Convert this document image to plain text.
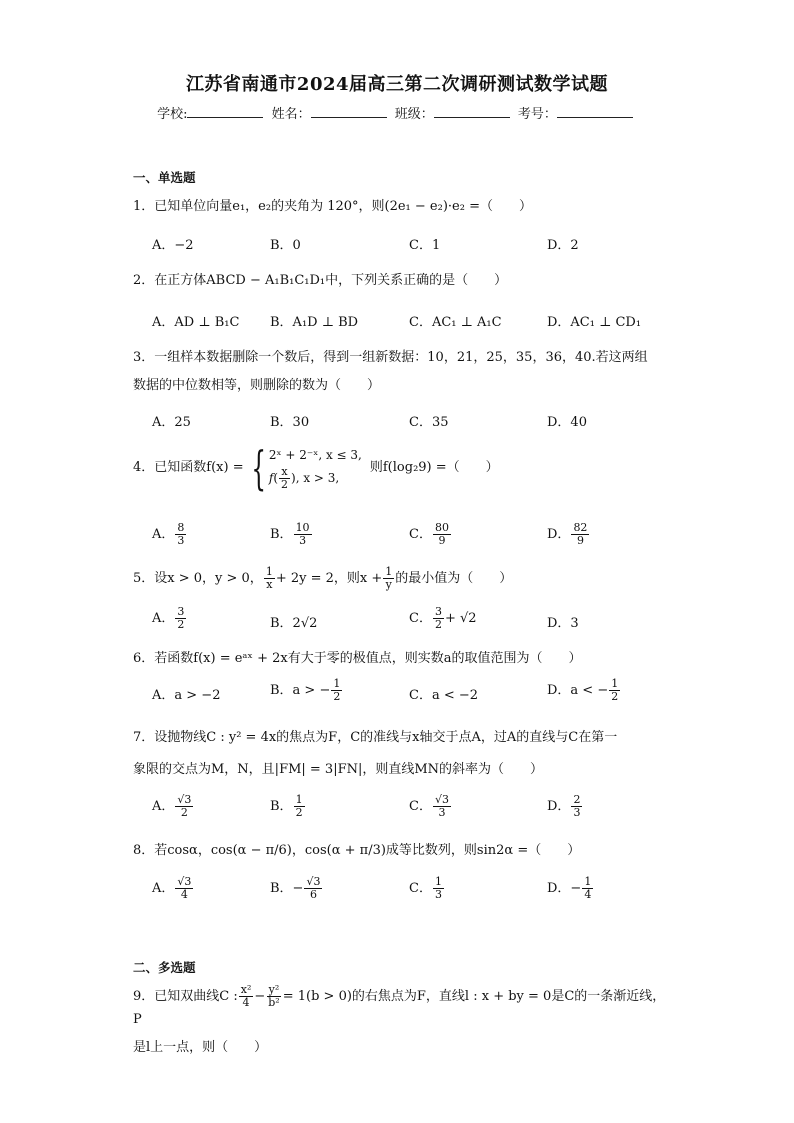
江苏省南通市2024届高三第二次调研测试数学试题
学校:	姓名：	班级：	考号：
一、单选题
1．已知单位向量e₁，e₂的夹角为 120°，则(2e₁ − e₂)·e₂ =（　　）
A．−2	B．0	C．1	D．2
2．在正方体ABCD − A₁B₁C₁D₁中，下列关系正确的是（　　）
A．AD ⊥ B₁C B．A₁D ⊥ BD	C．AC₁ ⊥ A₁C	D．AC₁ ⊥ CD₁
3．一组样本数据删除一个数后，得到一组新数据：10，21，25，35，36，40.若这两组
数据的中位数相等，则删除的数为（　　）
A．25	B．30	C．35	D．40
4．已知函数f(x) = { 2ˣ + 2⁻ˣ, x ≤ 3,
$f( \frac{x}{2}$ ), x > 3,
则f(log₂9) =（　　）
A． $\frac{8}{3}$	B． $\frac{10}{3}$	C． $\frac{80}{9}$	D． $\frac{82}{9}$
5．设x > 0，y > 0， $\frac{1}{x} + 2y = 2$，则$x + \frac{1}{y}$ 的最小值为（　　）
A． $\frac{3}{2}$	B．2√2	C． $\frac{3}{2} + √2$	D．3
6．若函数f(x) = eᵃˣ + 2x有大于零的极值点，则实数a的取值范围为（　　）
A．a > −2	B．a > − $\frac{1}{2}$	C．a < −2	D．a < − $\frac{1}{2}$
7．设抛物线C : y² = 4x的焦点为F，C的准线与x轴交于点A，过A的直线与C在第一
象限的交点为M，N，且|FM| = 3|FN|，则直线MN的斜率为（　　）
A． $\frac{√3}{2}$	B． $\frac{1}{2}$	C． $\frac{√3}{3}$	D． $\frac{2}{3}$
8．若cosα，cos(α − π/6)，cos(α + π/3)成等比数列，则sin2α =（　　）
A． $\frac{√3}{4}$	B．− $\frac{√3}{6}$	C． $\frac{1}{3}$	D．− $\frac{1}{4}$
二、多选题
9．已知双曲线C : $\frac{\text{x²}}{4} - \frac{\text{y²}}{\text{b²}} = 1(b > 0)$的右焦点为F，直线l : x + by = 0是C的一条渐近线，P
是l上一点，则（　　）
